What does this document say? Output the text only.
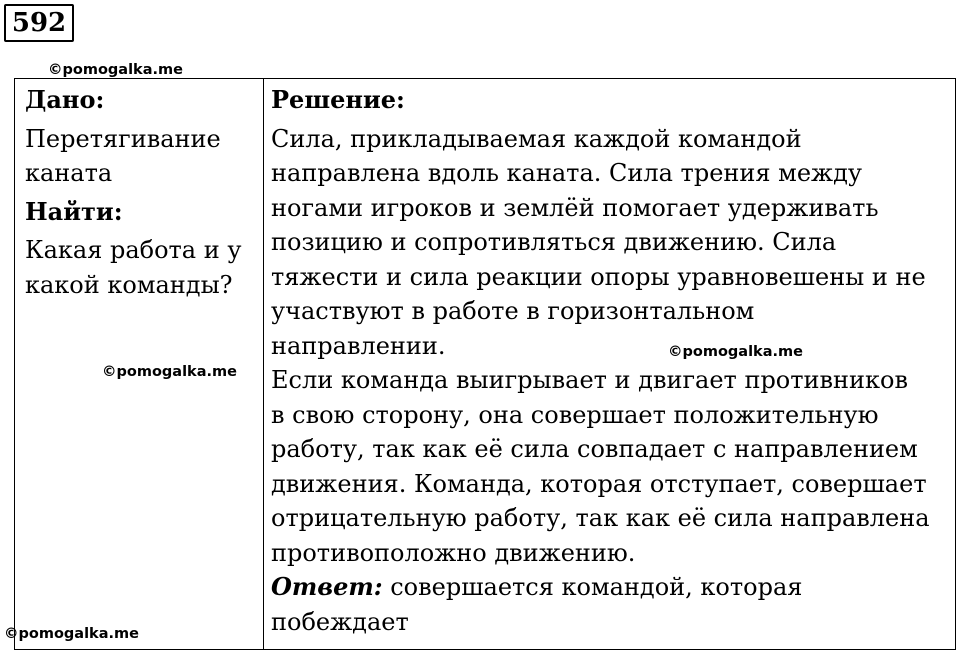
592
©pomogalka.me
©pomogalka.me
©pomogalka.me
©pomogalka.me

Дано:

Перетягивание

каната

Найти:

Какая работа и у

какой команды?

Решение:

Сила, прикладываемая каждой командой

направлена вдоль каната. Сила трения между

ногами игроков и землёй помогает удерживать

позицию и сопротивляться движению. Сила

тяжести и сила реакции опоры уравновешены и не

участвуют в работе в горизонтальном

направлении.

Если команда выигрывает и двигает противников

в свою сторону, она совершает положительную

работу, так как её сила совпадает с направлением

движения. Команда, которая отступает, совершает

отрицательную работу, так как её сила направлена

противоположно движению.

Ответ: совершается командой, которая

побеждает
